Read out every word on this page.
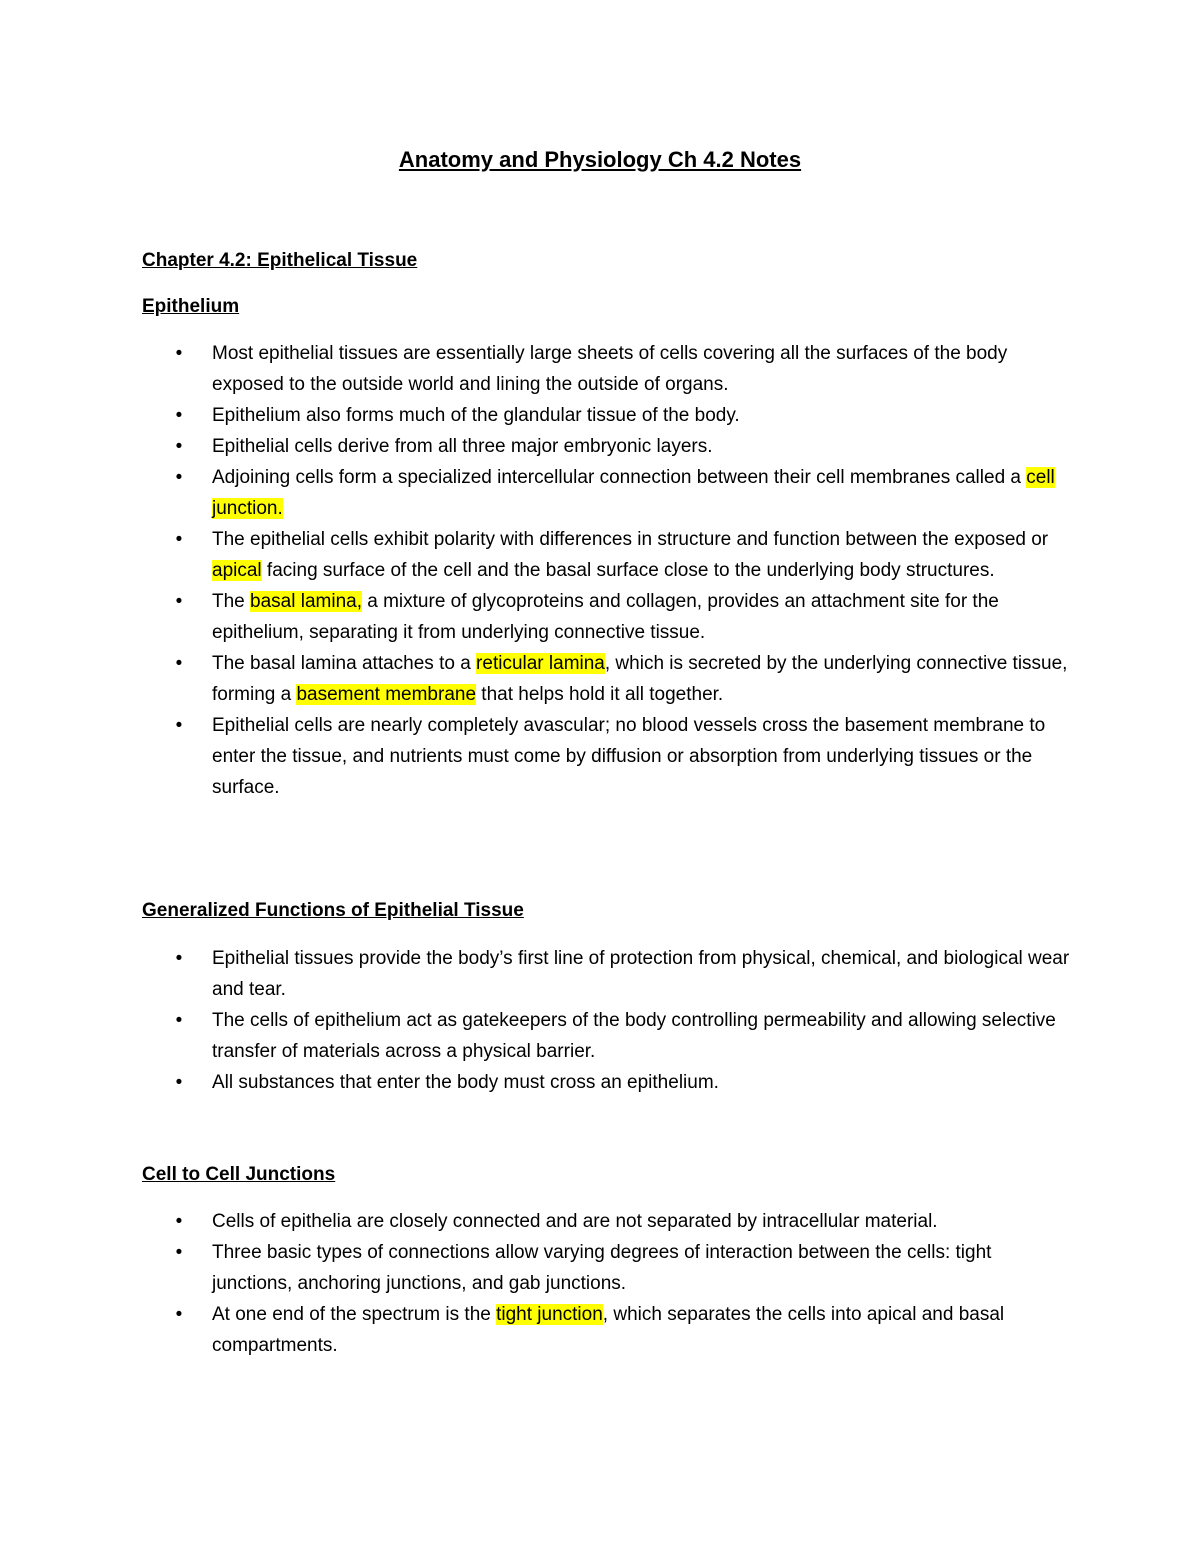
Anatomy and Physiology Ch 4.2 Notes
Chapter 4.2: Epithelical Tissue
Epithelium
• Most epithelial tissues are essentially large sheets of cells covering all the surfaces of the body exposed to the outside world and lining the outside of organs.
• Epithelium also forms much of the glandular tissue of the body.
• Epithelial cells derive from all three major embryonic layers.
• Adjoining cells form a specialized intercellular connection between their cell membranes called a cell junction.
• The epithelial cells exhibit polarity with differences in structure and function between the exposed or apical facing surface of the cell and the basal surface close to the underlying body structures.
• The basal lamina, a mixture of glycoproteins and collagen, provides an attachment site for the epithelium, separating it from underlying connective tissue.
• The basal lamina attaches to a reticular lamina, which is secreted by the underlying connective tissue, forming a basement membrane that helps hold it all together.
• Epithelial cells are nearly completely avascular; no blood vessels cross the basement membrane to enter the tissue, and nutrients must come by diffusion or absorption from underlying tissues or the surface.
Generalized Functions of Epithelial Tissue
• Epithelial tissues provide the body’s first line of protection from physical, chemical, and biological wear and tear.
• The cells of epithelium act as gatekeepers of the body controlling permeability and allowing selective transfer of materials across a physical barrier.
• All substances that enter the body must cross an epithelium.
Cell to Cell Junctions
• Cells of epithelia are closely connected and are not separated by intracellular material.
• Three basic types of connections allow varying degrees of interaction between the cells: tight junctions, anchoring junctions, and gab junctions.
• At one end of the spectrum is the tight junction, which separates the cells into apical and basal compartments.
